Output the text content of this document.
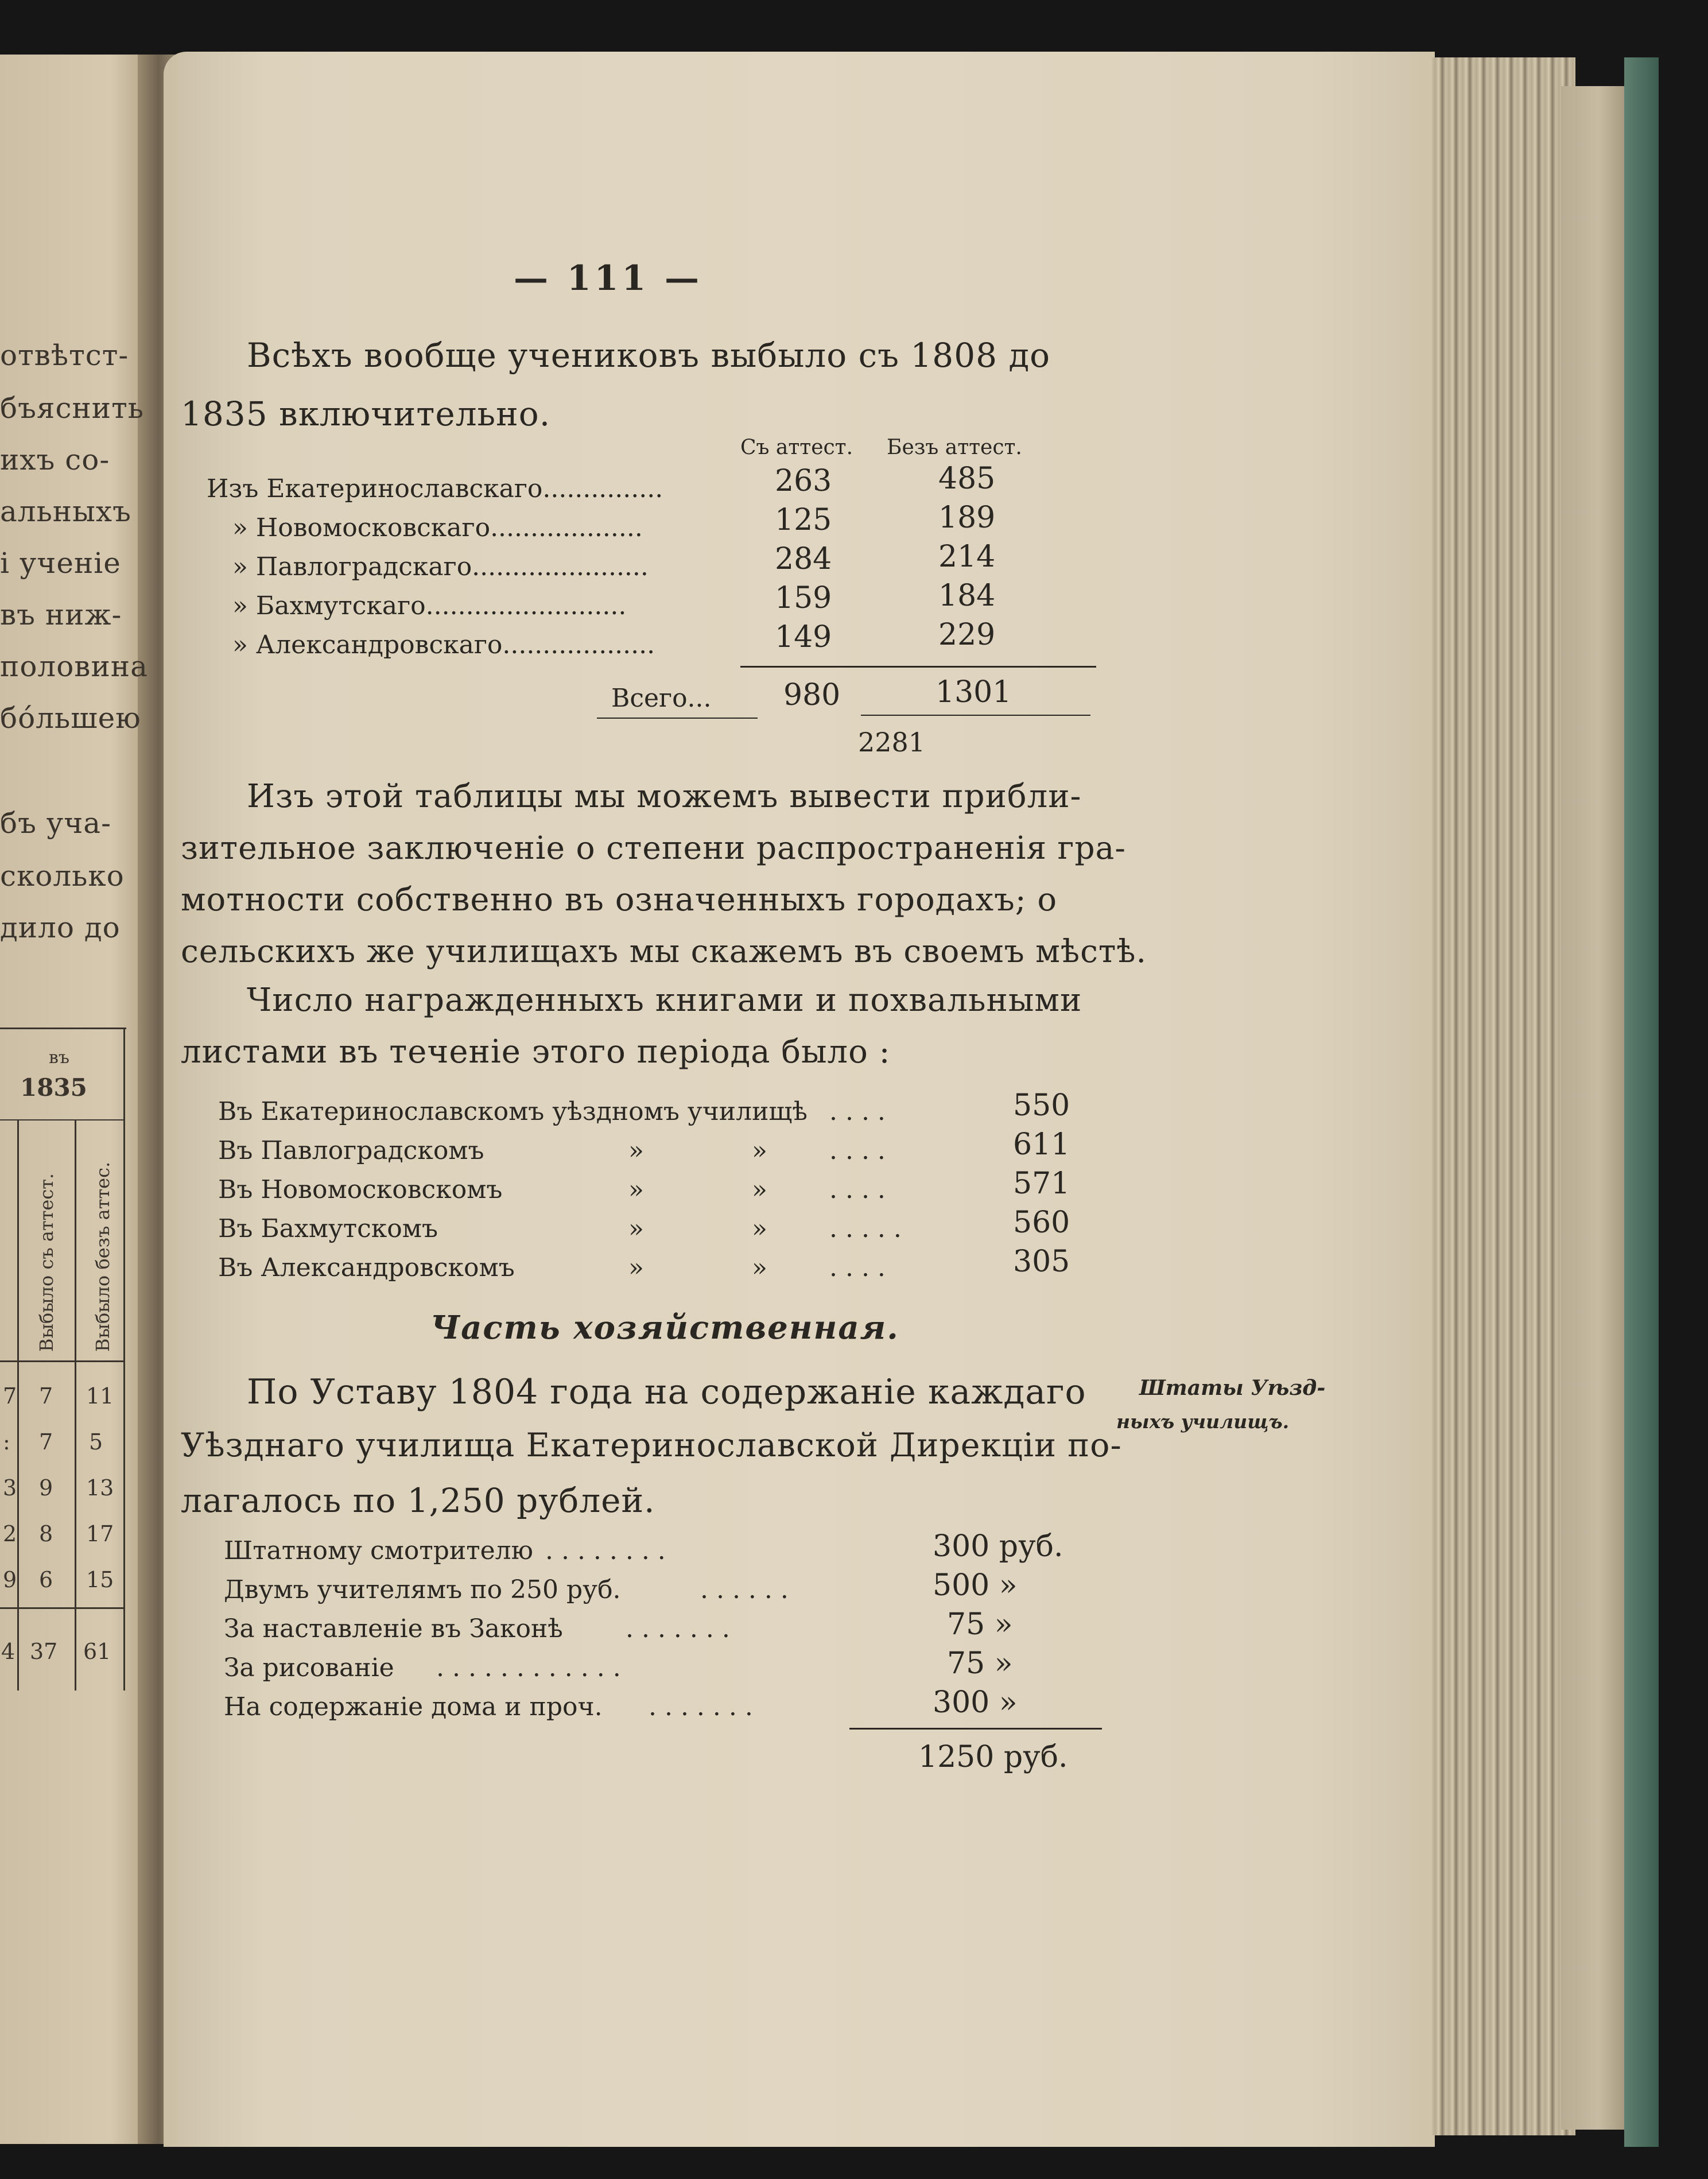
отвѣтст-
бъяснить
ихъ со-
альныхъ
і ученіе
въ ниж-
половина
бо́льшею
бъ уча-
сколько
дило до
въ
1835
Выбыло съ аттест. Выбыло безъ аттес.
7 7 11
: 7 5
3 9 13
2 8 17
9 6 15
4 37 61
— 111 —
Всѣхъ вообще учениковъ выбыло съ 1808 до
1835 включительно.
Съ аттест. Безъ аттест.
Изъ Екатеринославскаго...............	263	485
» Новомосковскаго...................	125	189
» Павлоградскаго......................	284	214
» Бахмутскаго.........................	159	184
» Александровскаго...................	149	229
Всего... 980	1301
2281
Изъ этой таблицы мы можемъ вывести прибли-
зительное заключеніе о степени распространенія гра-
мотности собственно въ означенныхъ городахъ; о
сельскихъ же училищахъ мы скажемъ въ своемъ мѣстѣ.
Число награжденныхъ книгами и похвальными
листами въ теченіе этого періода было :
Въ Екатеринославскомъ уѣздномъ училищѣ . . . .	550
Въ Павлоградскомъ	»	» . . . .	611
Въ Новомосковскомъ	»	» . . . .	571
Въ Бахмутскомъ	»	» . . . . .	560
Въ Александровскомъ	»	» . . . .	305
Часть хозяйственная.
По Уставу 1804 года на содержаніе каждаго
Уѣзднаго училища Екатеринославской Дирекціи по-
лагалось по 1,250 рублей.
Штаты Уѣзд-
ныхъ училищъ.
Штатному смотрителю . . . . . . . .	300 руб.
Двумъ учителямъ по 250 руб.	. . . . . .	500 »
За наставленіе въ Законѣ . . . . . . .	75 »
За рисованіе . . . . . . . . . . . .	75 »
На содержаніе дома и проч. . . . . . . .	300 »
1250 руб.
